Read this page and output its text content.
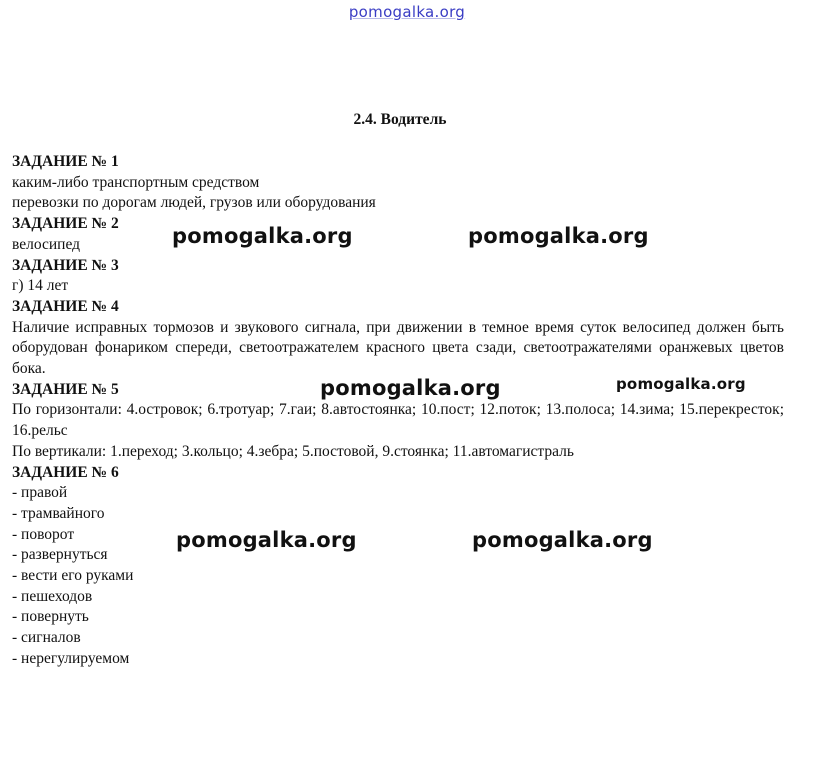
pomogalka.org
2.4. Водитель
ЗАДАНИЕ № 1
каким-либо транспортным средством
перевозки по дорогам людей, грузов или оборудования
ЗАДАНИЕ № 2
велосипед
ЗАДАНИЕ № 3
г) 14 лет
ЗАДАНИЕ № 4
Наличие исправных тормозов и звукового сигнала, при движении в темное время суток велосипед должен быть оборудован фонариком спереди, светоотражателем красного цвета сзади, светоотражателями оранжевых цветов бока.
ЗАДАНИЕ № 5
По горизонтали: 4.островок; 6.тротуар; 7.гаи; 8.автостоянка; 10.пост; 12.поток; 13.полоса; 14.зима; 15.перекресток; 16.рельс
По вертикали: 1.переход; 3.кольцо; 4.зебра; 5.постовой, 9.стоянка; 11.автомагистраль
ЗАДАНИЕ № 6
- правой
- трамвайного
- поворот
- развернуться
- вести его руками
- пешеходов
- повернуть
- сигналов
- нерегулируемом
pomogalka.org	pomogalka.org
pomogalka.org	pomogalka.org
pomogalka.org	pomogalka.org
